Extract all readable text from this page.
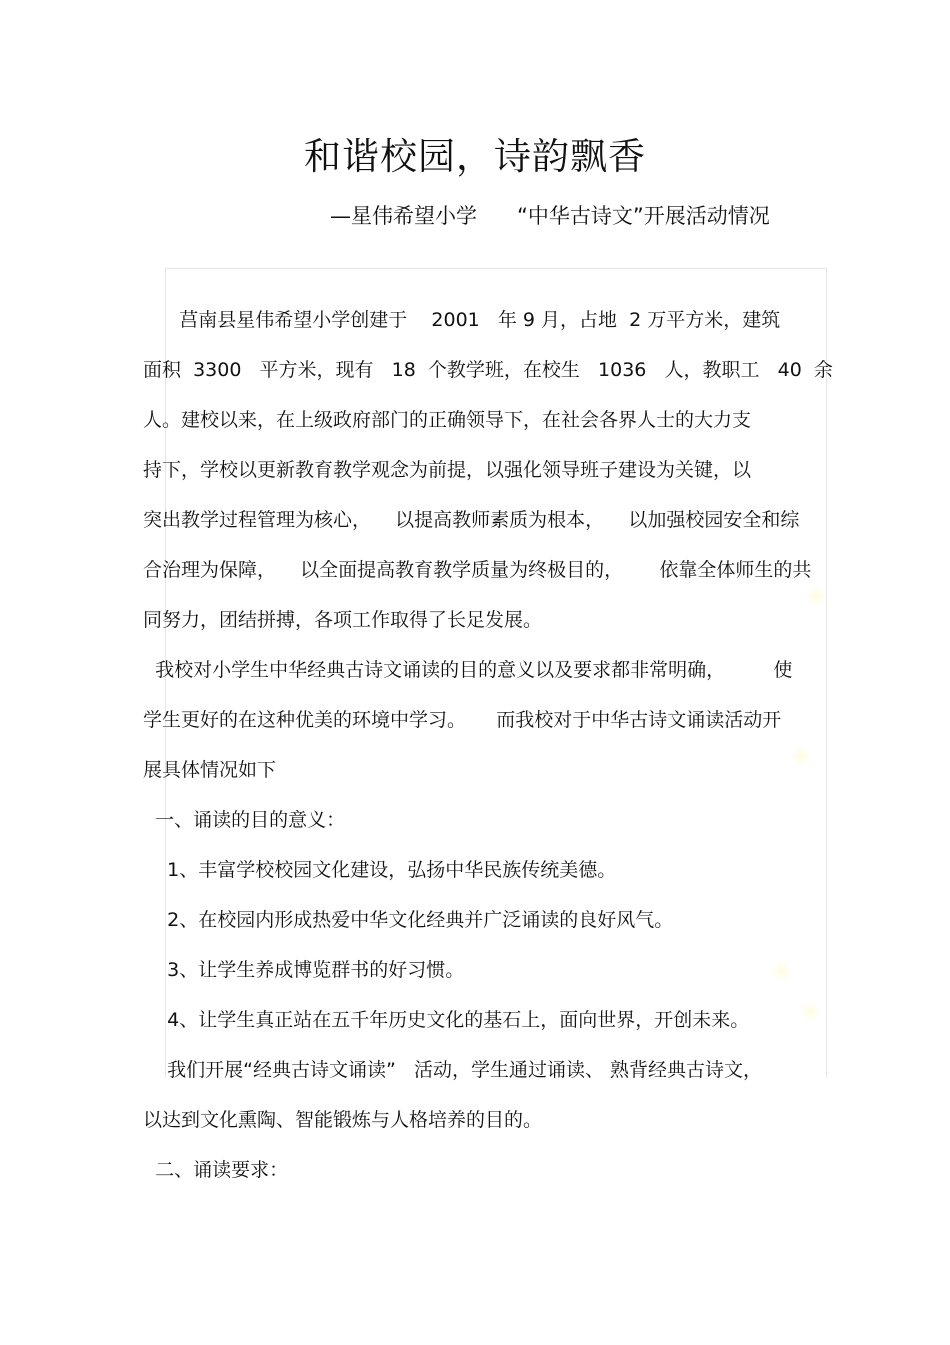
和谐校园，诗韵飘香
—星伟希望小学      “中华古诗文”开展活动情况
莒南县星伟希望小学创建于    2001   年 9 月，占地  2 万平方米，建筑
面积  3300   平方米，现有   18  个教学班，在校生   1036   人，教职工   40  余
人。建校以来，在上级政府部门的正确领导下，在社会各界人士的大力支
持下，学校以更新教育教学观念为前提，以强化领导班子建设为关键，以
突出教学过程管理为核心，    以提高教师素质为根本，    以加强校园安全和综
合治理为保障，    以全面提高教育教学质量为终极目的，      依靠全体师生的共
同努力，团结拼搏，各项工作取得了长足发展。
我校对小学生中华经典古诗文诵读的目的意义以及要求都非常明确，        使
学生更好的在这种优美的环境中学习。     而我校对于中华古诗文诵读活动开
展具体情况如下
一、诵读的目的意义：
1、丰富学校校园文化建设，弘扬中华民族传统美德。
2、在校园内形成热爱中华文化经典并广泛诵读的良好风气。
3、让学生养成博览群书的好习惯。
4、让学生真正站在五千年历史文化的基石上，面向世界，开创未来。
我们开展“经典古诗文诵读”   活动，学生通过诵读、 熟背经典古诗文，
以达到文化熏陶、智能锻炼与人格培养的目的。
二、诵读要求：
